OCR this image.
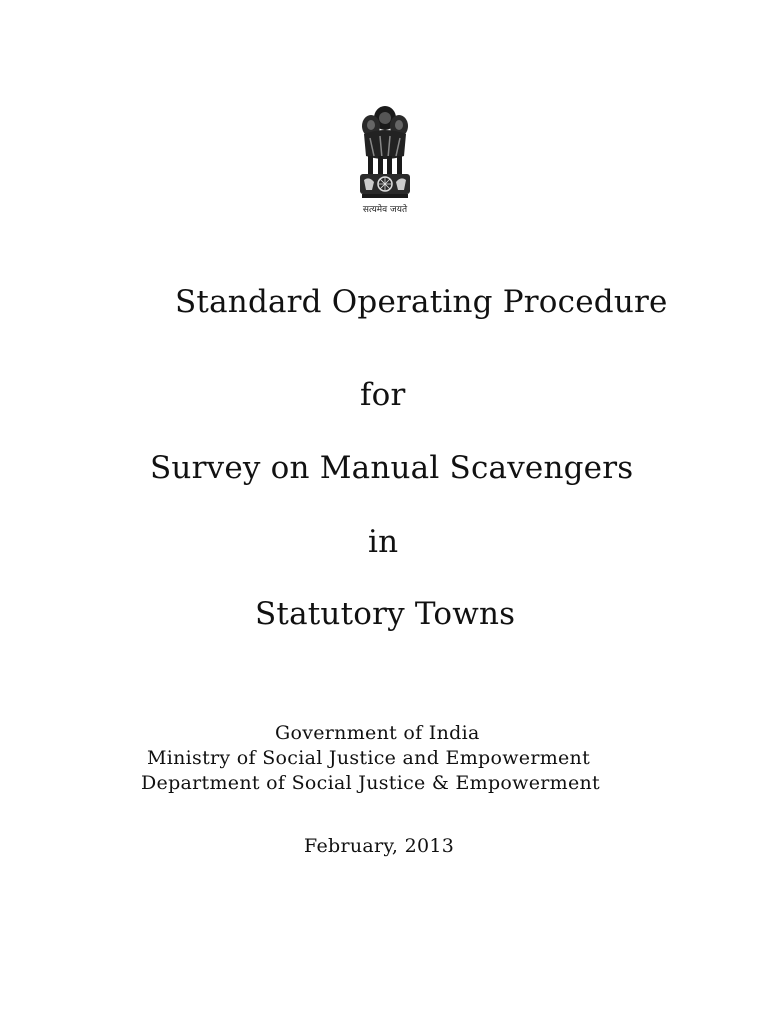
सत्यमेव जयते
Standard Operating Procedure
for
Survey on Manual Scavengers
in
Statutory Towns
Government of India
Ministry of Social Justice and Empowerment
Department of Social Justice & Empowerment
February, 2013
